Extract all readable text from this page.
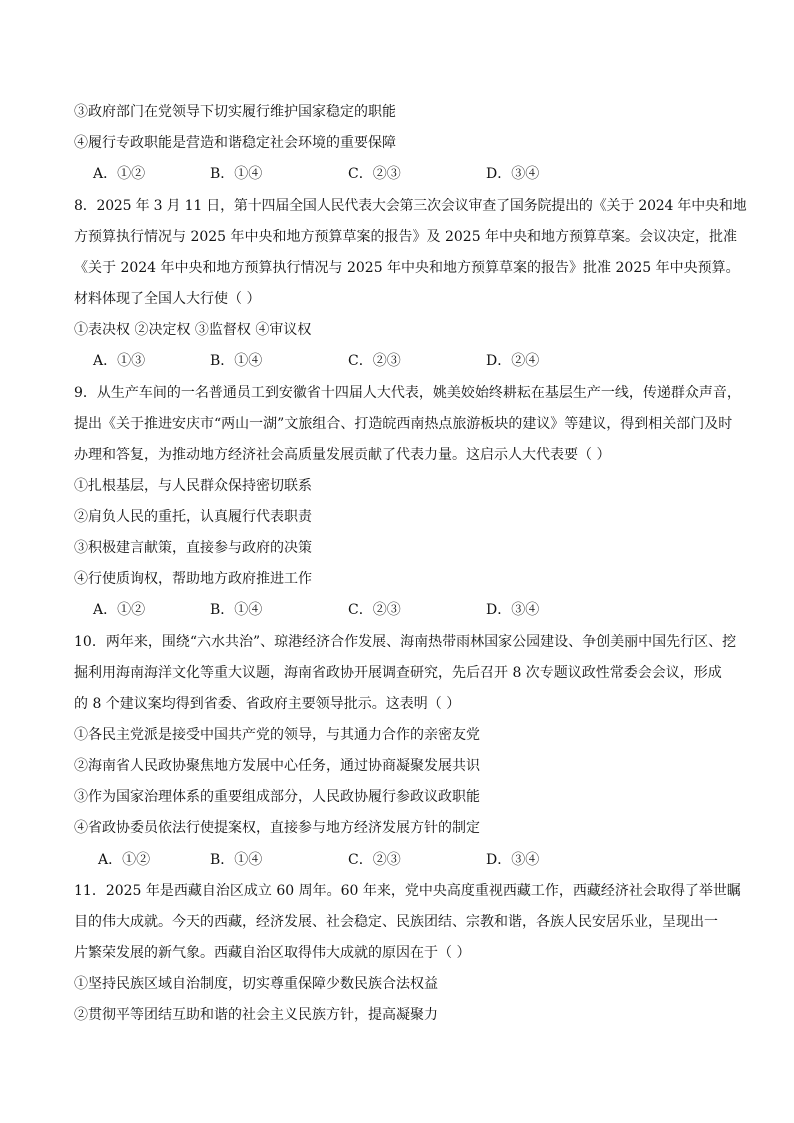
③政府部门在党领导下切实履行维护国家稳定的职能
④履行专政职能是营造和谐稳定社会环境的重要保障
A．①②	B．①④	C．②③	D．③④
8．2025 年 3 月 11 日，第十四届全国人民代表大会第三次会议审查了国务院提出的《关于 2024 年中央和地
方预算执行情况与 2025 年中央和地方预算草案的报告》及 2025 年中央和地方预算草案。会议决定，批准
《关于 2024 年中央和地方预算执行情况与 2025 年中央和地方预算草案的报告》批准 2025 年中央预算。
材料体现了全国人大行使（ ）
①表决权 ②决定权 ③监督权 ④审议权
A．①③	B．①④	C．②③	D．②④
9．从生产车间的一名普通员工到安徽省十四届人大代表，姚美姣始终耕耘在基层生产一线，传递群众声音，
提出《关于推进安庆市“两山一湖”文旅组合、打造皖西南热点旅游板块的建议》等建议，得到相关部门及时
办理和答复，为推动地方经济社会高质量发展贡献了代表力量。这启示人大代表要（ ）
①扎根基层，与人民群众保持密切联系
②肩负人民的重托，认真履行代表职责
③积极建言献策，直接参与政府的决策
④行使质询权，帮助地方政府推进工作
A．①②	B．①④	C．②③	D．③④
10．两年来，围绕“六水共治”、琼港经济合作发展、海南热带雨林国家公园建设、争创美丽中国先行区、挖
掘利用海南海洋文化等重大议题，海南省政协开展调查研究，先后召开 8 次专题议政性常委会会议，形成
的 8 个建议案均得到省委、省政府主要领导批示。这表明（ ）
①各民主党派是接受中国共产党的领导，与其通力合作的亲密友党
②海南省人民政协聚焦地方发展中心任务，通过协商凝聚发展共识
③作为国家治理体系的重要组成部分，人民政协履行参政议政职能
④省政协委员依法行使提案权，直接参与地方经济发展方针的制定
A．①②	B．①④	C．②③	D．③④
11．2025 年是西藏自治区成立 60 周年。60 年来，党中央高度重视西藏工作，西藏经济社会取得了举世瞩
目的伟大成就。今天的西藏，经济发展、社会稳定、民族团结、宗教和谐，各族人民安居乐业，呈现出一
片繁荣发展的新气象。西藏自治区取得伟大成就的原因在于（ ）
①坚持民族区域自治制度，切实尊重保障少数民族合法权益
②贯彻平等团结互助和谐的社会主义民族方针，提高凝聚力
